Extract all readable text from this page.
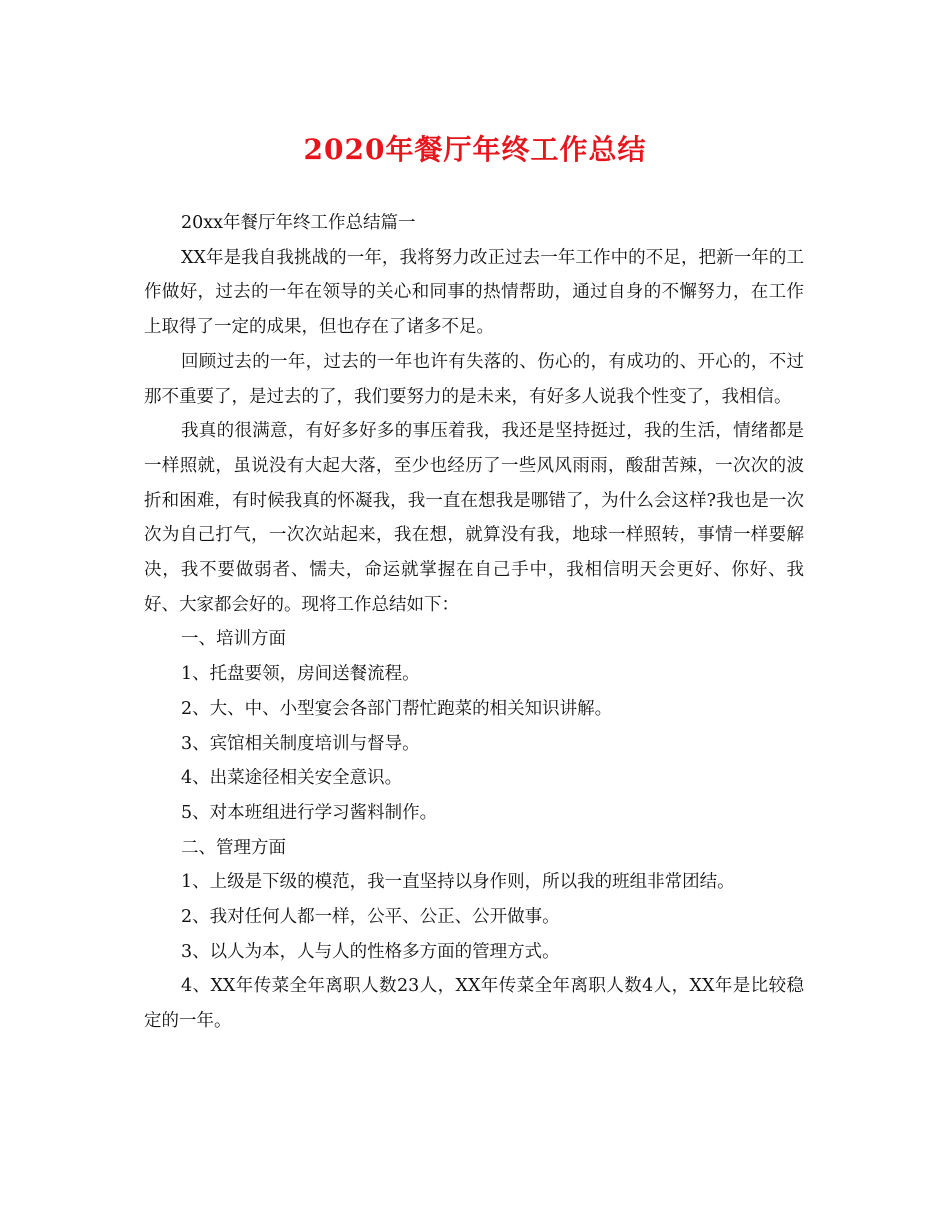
2020年餐厅年终工作总结

20xx年餐厅年终工作总结篇一

XX年是我自我挑战的一年，我将努力改正过去一年工作中的不足，把新一年的工作做好，过去的一年在领导的关心和同事的热情帮助，通过自身的不懈努力，在工作上取得了一定的成果，但也存在了诸多不足。

回顾过去的一年，过去的一年也许有失落的、伤心的，有成功的、开心的，不过那不重要了，是过去的了，我们要努力的是未来，有好多人说我个性变了，我相信。

我真的很满意，有好多好多的事压着我，我还是坚持挺过，我的生活，情绪都是一样照就，虽说没有大起大落，至少也经历了一些风风雨雨，酸甜苦辣，一次次的波折和困难，有时候我真的怀凝我，我一直在想我是哪错了，为什么会这样?我也是一次次为自己打气，一次次站起来，我在想，就算没有我，地球一样照转，事情一样要解决，我不要做弱者、懦夫，命运就掌握在自己手中，我相信明天会更好、你好、我好、大家都会好的。现将工作总结如下：

一、培训方面

1、托盘要领，房间送餐流程。

2、大、中、小型宴会各部门帮忙跑菜的相关知识讲解。

3、宾馆相关制度培训与督导。

4、出菜途径相关安全意识。

5、对本班组进行学习酱料制作。

二、管理方面

1、上级是下级的模范，我一直坚持以身作则，所以我的班组非常团结。

2、我对任何人都一样，公平、公正、公开做事。

3、以人为本，人与人的性格多方面的管理方式。

4、XX年传菜全年离职人数23人，XX年传菜全年离职人数4人，XX年是比较稳定的一年。
